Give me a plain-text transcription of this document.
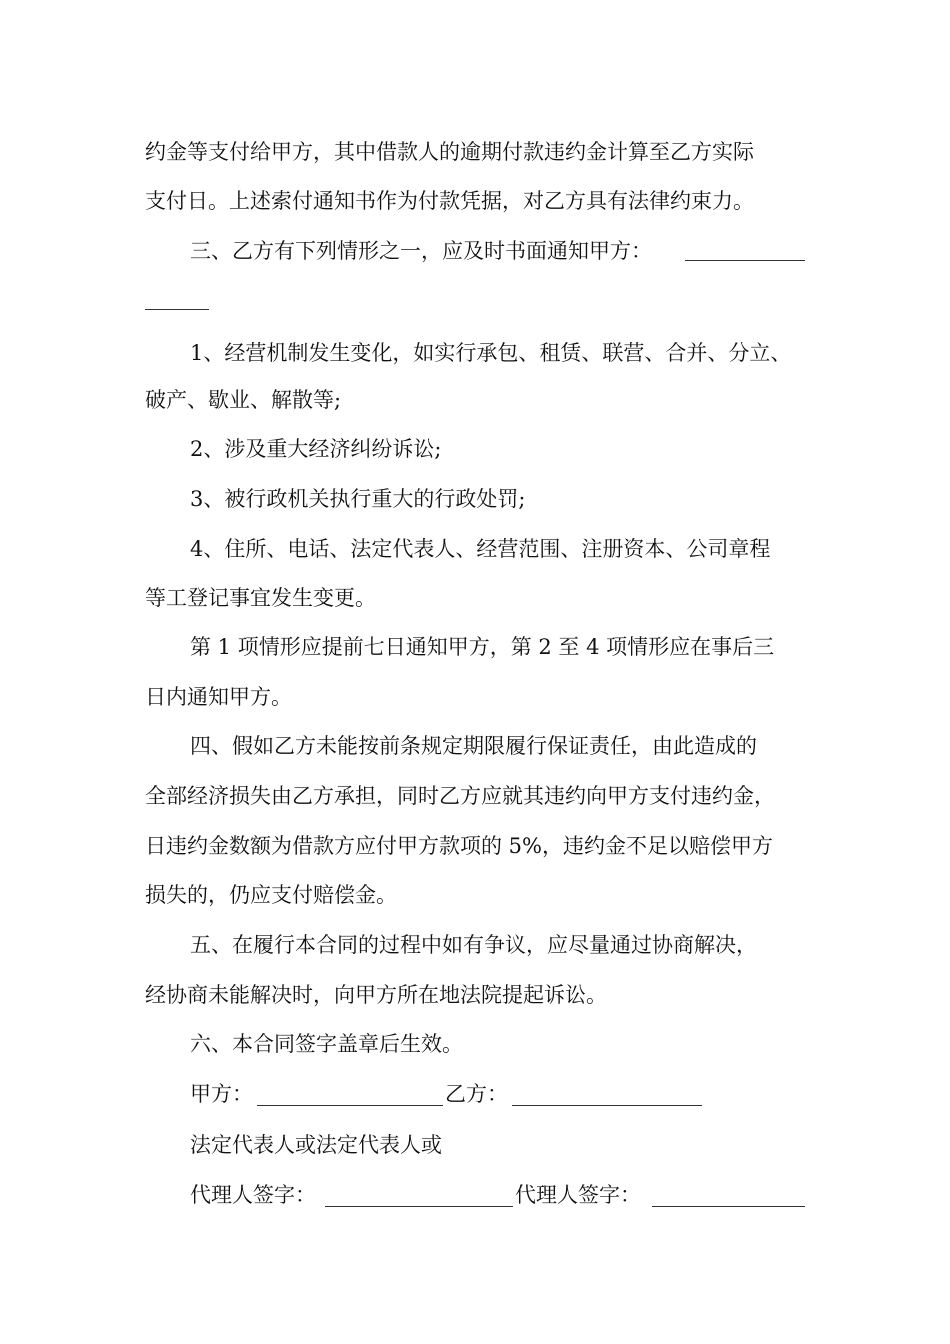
约金等支付给甲方，其中借款人的逾期付款违约金计算至乙方实际
支付日。上述索付通知书作为付款凭据，对乙方具有法律约束力。
三、乙方有下列情形之一，应及时书面通知甲方：
1、经营机制发生变化，如实行承包、租赁、联营、合并、分立、
破产、歇业、解散等;
2、涉及重大经济纠纷诉讼;
3、被行政机关执行重大的行政处罚;
4、住所、电话、法定代表人、经营范围、注册资本、公司章程
等工登记事宜发生变更。
第 1 项情形应提前七日通知甲方，第 2 至 4 项情形应在事后三
日内通知甲方。
四、假如乙方未能按前条规定期限履行保证责任，由此造成的
全部经济损失由乙方承担，同时乙方应就其违约向甲方支付违约金，
日违约金数额为借款方应付甲方款项的 5%，违约金不足以赔偿甲方
损失的，仍应支付赔偿金。
五、在履行本合同的过程中如有争议，应尽量通过协商解决，
经协商未能解决时，向甲方所在地法院提起诉讼。
六、本合同签字盖章后生效。
甲方：	乙方：
法定代表人或法定代表人或
代理人签字：	代理人签字：
